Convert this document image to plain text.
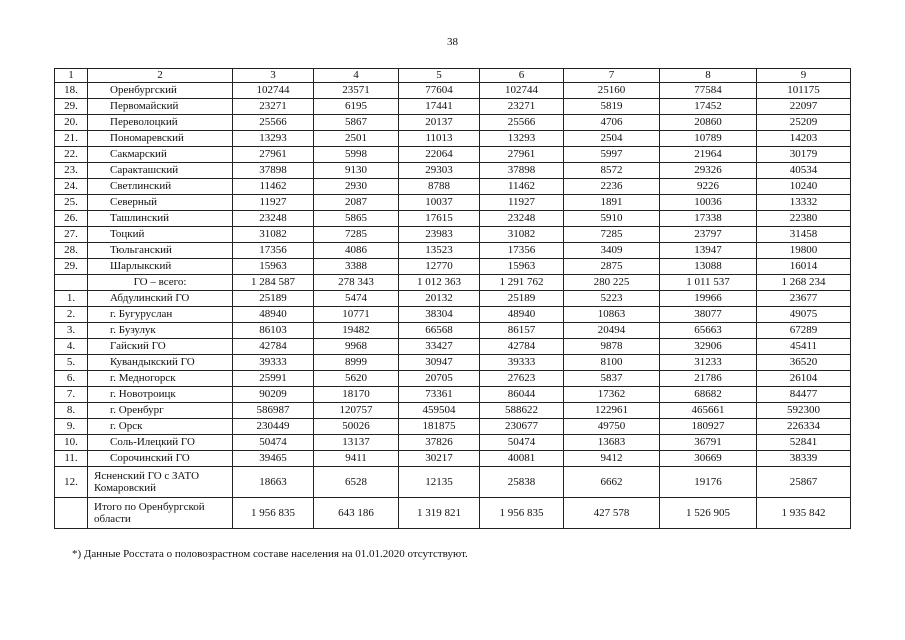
38
1	2	3	4	5	6	7	8	9
18.	Оренбургский	102744	23571	77604	102744	25160	77584	101175
29.	Первомайский	23271	6195	17441	23271	5819	17452	22097
20.	Переволоцкий	25566	5867	20137	25566	4706	20860	25209
21.	Пономаревский	13293	2501	11013	13293	2504	10789	14203
22.	Сакмарский	27961	5998	22064	27961	5997	21964	30179
23.	Саракташский	37898	9130	29303	37898	8572	29326	40534
24.	Светлинский	11462	2930	8788	11462	2236	9226	10240
25.	Северный	11927	2087	10037	11927	1891	10036	13332
26.	Ташлинский	23248	5865	17615	23248	5910	17338	22380
27.	Тоцкий	31082	7285	23983	31082	7285	23797	31458
28.	Тюльганский	17356	4086	13523	17356	3409	13947	19800
29.	Шарлыкский	15963	3388	12770	15963	2875	13088	16014
	ГО – всего:	1 284 587	278 343	1 012 363	1 291 762	280 225	1 011 537	1 268 234
1.	Абдулинский ГО	25189	5474	20132	25189	5223	19966	23677
2.	г. Бугуруслан	48940	10771	38304	48940	10863	38077	49075
3.	г. Бузулук	86103	19482	66568	86157	20494	65663	67289
4.	Гайский ГО	42784	9968	33427	42784	9878	32906	45411
5.	Кувандыкский ГО	39333	8999	30947	39333	8100	31233	36520
6.	г. Медногорск	25991	5620	20705	27623	5837	21786	26104
7.	г. Новотроицк	90209	18170	73361	86044	17362	68682	84477
8.	г. Оренбург	586987	120757	459504	588622	122961	465661	592300
9.	г. Орск	230449	50026	181875	230677	49750	180927	226334
10.	Соль-Илецкий ГО	50474	13137	37826	50474	13683	36791	52841
11.	Сорочинский ГО	39465	9411	30217	40081	9412	30669	38339
12.	Ясненский ГО с ЗАТО Комаровский	18663	6528	12135	25838	6662	19176	25867
	Итого по Оренбургской области	1 956 835	643 186	1 319 821	1 956 835	427 578	1 526 905	1 935 842
*) Данные Росстата о половозрастном составе населения на 01.01.2020 отсутствуют.
